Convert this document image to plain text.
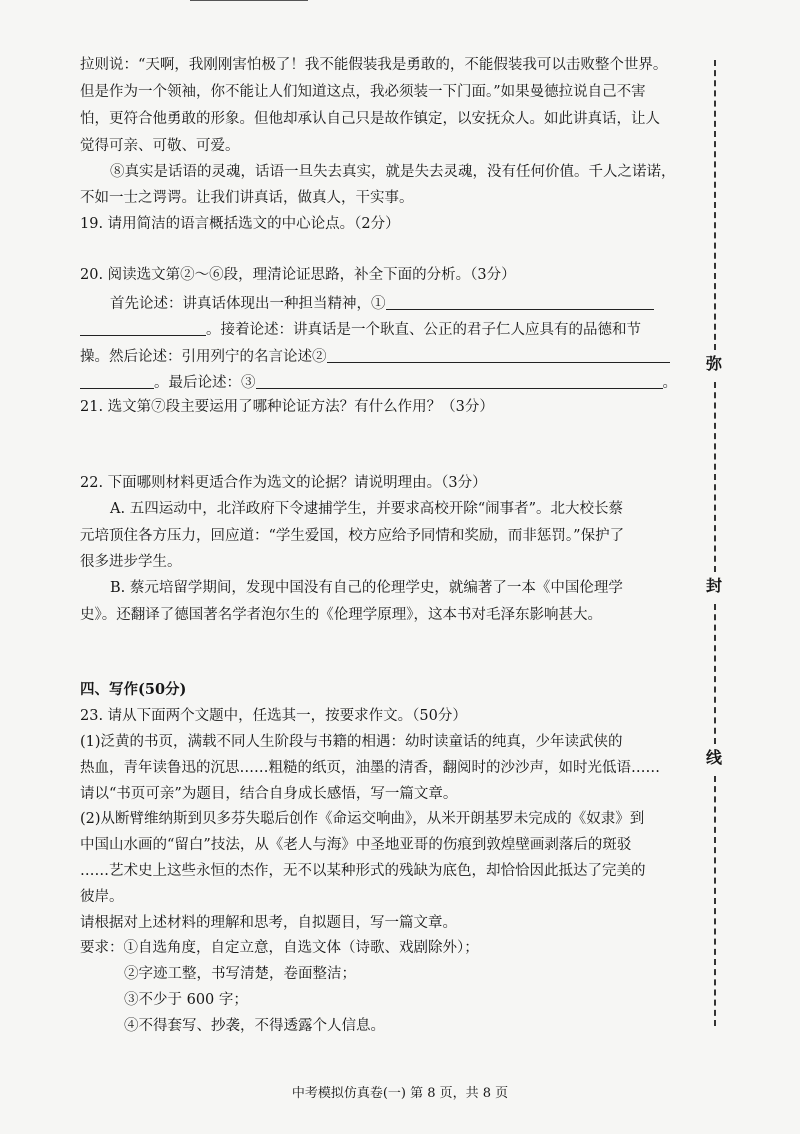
拉则说：“天啊，我刚刚害怕极了！我不能假装我是勇敢的，不能假装我可以击败整个世界。
但是作为一个领袖，你不能让人们知道这点，我必须装一下门面。”如果曼德拉说自己不害
怕，更符合他勇敢的形象。但他却承认自己只是故作镇定，以安抚众人。如此讲真话，让人
觉得可亲、可敬、可爱。
⑧真实是话语的灵魂，话语一旦失去真实，就是失去灵魂，没有任何价值。千人之诺诺，
不如一士之谔谔。让我们讲真话，做真人，干实事。
19. 请用简洁的语言概括选文的中心论点。（2分）
20. 阅读选文第②～⑥段，理清论证思路，补全下面的分析。（3分）
首先论述：讲真话体现出一种担当精神，①
。接着论述：讲真话是一个耿直、公正的君子仁人应具有的品德和节
操。然后论述：引用列宁的名言论述②
。最后论述：③	。
21. 选文第⑦段主要运用了哪种论证方法？有什么作用？（3分）
22. 下面哪则材料更适合作为选文的论据？请说明理由。（3分）
A. 五四运动中，北洋政府下令逮捕学生，并要求高校开除“闹事者”。北大校长蔡
元培顶住各方压力，回应道：“学生爱国，校方应给予同情和奖励，而非惩罚。”保护了
很多进步学生。
B. 蔡元培留学期间，发现中国没有自己的伦理学史，就编著了一本《中国伦理学
史》。还翻译了德国著名学者泡尔生的《伦理学原理》，这本书对毛泽东影响甚大。
四、写作(50分)
23. 请从下面两个文题中，任选其一，按要求作文。（50分）
(1)泛黄的书页，满载不同人生阶段与书籍的相遇：幼时读童话的纯真，少年读武侠的
热血，青年读鲁迅的沉思……粗糙的纸页，油墨的清香，翻阅时的沙沙声，如时光低语……
请以“书页可亲”为题目，结合自身成长感悟，写一篇文章。
(2)从断臂维纳斯到贝多芬失聪后创作《命运交响曲》，从米开朗基罗未完成的《奴隶》到
中国山水画的“留白”技法，从《老人与海》中圣地亚哥的伤痕到敦煌壁画剥落后的斑驳
……艺术史上这些永恒的杰作，无不以某种形式的残缺为底色，却恰恰因此抵达了完美的
彼岸。
请根据对上述材料的理解和思考，自拟题目，写一篇文章。
要求：①自选角度，自定立意，自选文体（诗歌、戏剧除外）；
②字迹工整，书写清楚，卷面整洁；
③不少于 600 字；
④不得套写、抄袭，不得透露个人信息。
弥
封
线
中考模拟仿真卷(一) 第 8 页，共 8 页
